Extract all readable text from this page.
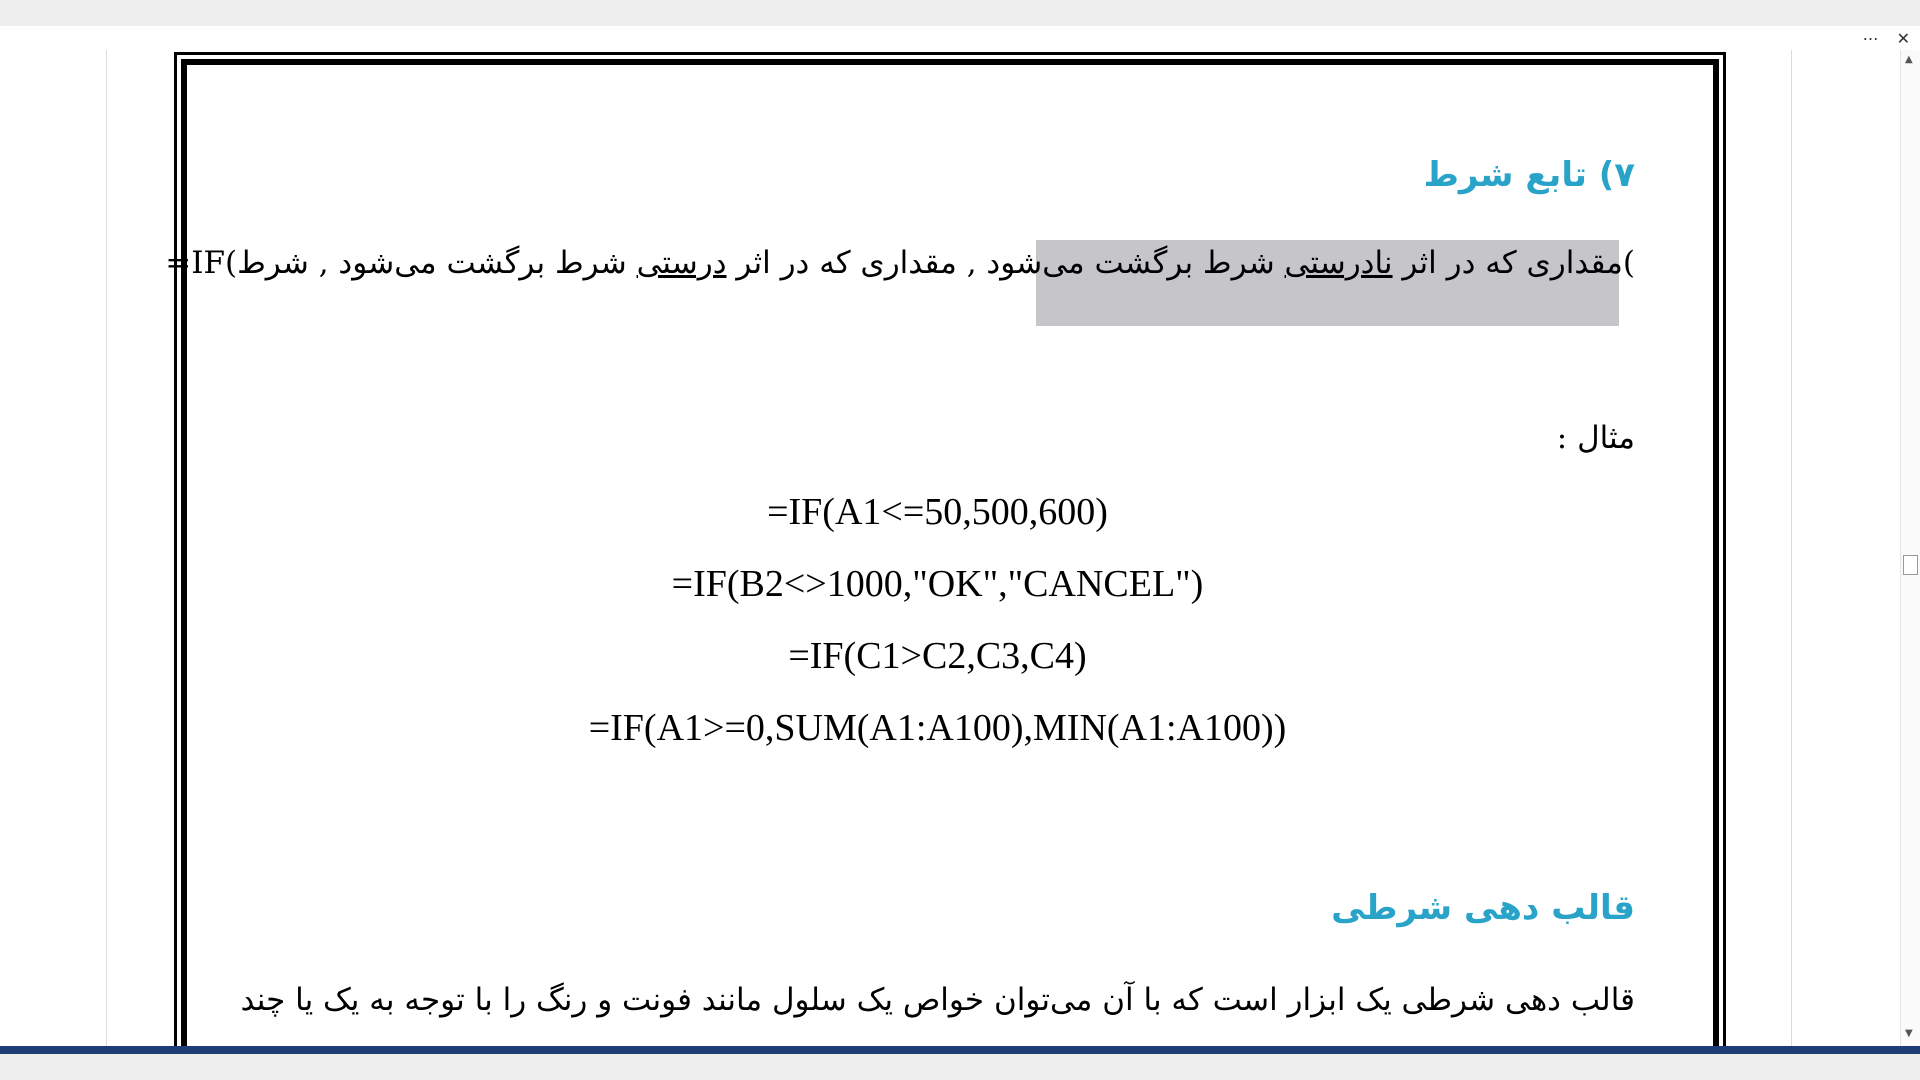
⋯ ✕
۷) تابع شرط
)مقداری که در اثر نادرستی شرط برگشت می‌شود , مقداری که در اثر درستی شرط برگشت می‌شود , شرط=IF(
مثال :
=IF(A1<=50,500,600)
=IF(B2<>1000,"OK","CANCEL")
=IF(C1>C2,C3,C4)
=IF(A1>=0,SUM(A1:A100),MIN(A1:A100))
قالب دهی شرطی
قالب دهی شرطی یک ابزار است که با آن می‌توان خواص یک سلول مانند فونت و رنگ را با توجه به یک یا چند
▲
▼
